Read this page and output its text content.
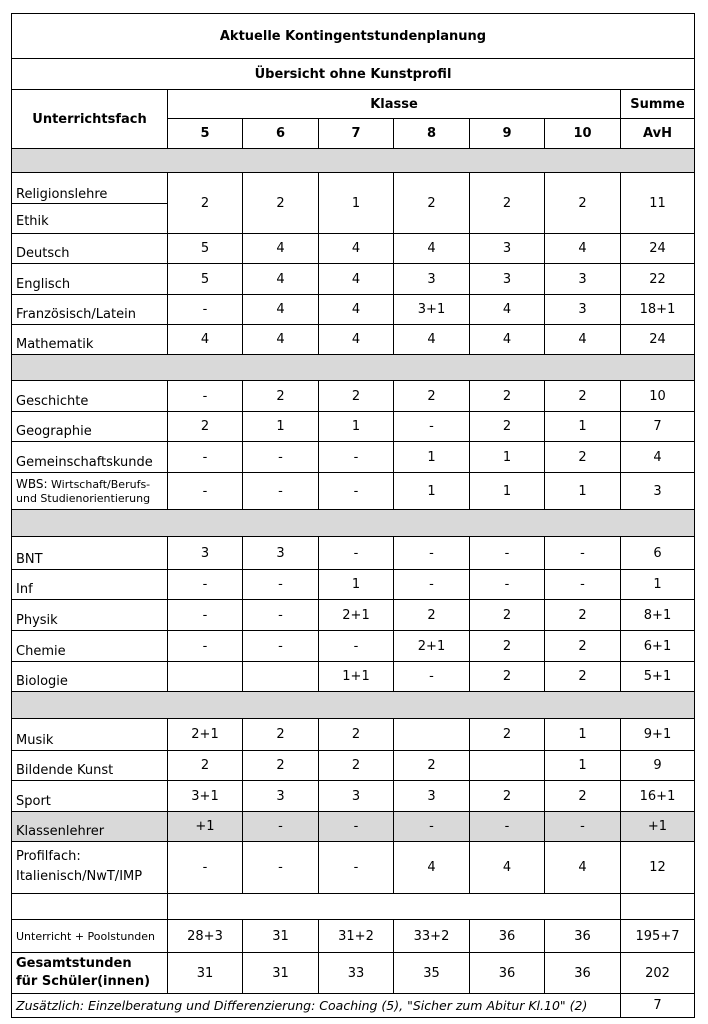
Aktuelle Kontingentstundenplanung							
Übersicht ohne Kunstprofil							
Unterrichtsfach	Klasse						Summe
	5	6	7	8	9	10	AvH

Religionslehre
Ethik	2	2	1	2	2	2	11
Deutsch	5	4	4	4	3	4	24
Englisch	5	4	4	3	3	3	22
Französisch/Latein	-	4	4	3+1	4	3	18+1
Mathematik	4	4	4	4	4	4	24

Geschichte	-	2	2	2	2	2	10
Geographie	2	1	1	-	2	1	7
Gemeinschaftskunde	-	-	-	1	1	2	4

WBS: Wirtschaft/Berufs-
und Studienorientierung	-	-	-	1	1	1	3

BNT	3	3	-	-	-	-	6
Inf	-	-	1	-	-	-	1
Physik	-	-	2+1	2	2	2	8+1
Chemie	-	-	-	2+1	2	2	6+1
Biologie			1+1	-	2	2	5+1

Musik	2+1	2	2		2	1	9+1
Bildende Kunst	2	2	2	2		1	9
Sport	3+1	3	3	3	2	2	16+1
Klassenlehrer	+1	-	-	-	-	-	+1

Profilfach:
Italienisch/NwT/IMP	-	-	-	4	4	4	12

Unterricht + Poolstunden	28+3	31	31+2	33+2	36	36	195+7

Gesamtstunden
für Schüler(innen)	31	31	33	35	36	36	202
Zusätzlich: Einzelberatung und Differenzierung: Coaching (5), "Sicher zum Abitur Kl.10" (2)							7
